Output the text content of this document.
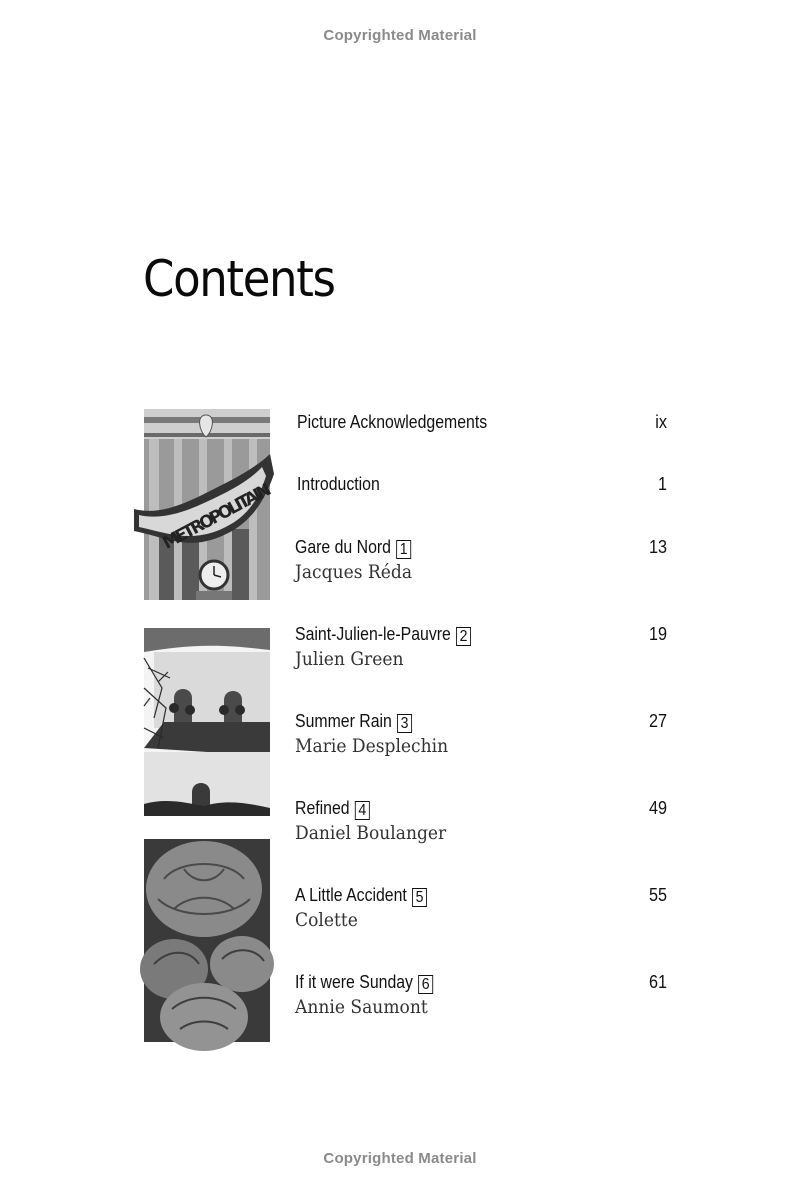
Copyrighted Material
Contents
METROPOLITAIN
Picture Acknowledgements	ix
Introduction	1
Gare du Nord 1
Jacques Réda
13
Saint-Julien-le-Pauvre 2
Julien Green
19
Summer Rain 3
Marie Desplechin
27
Refined 4
Daniel Boulanger
49
A Little Accident 5
Colette
55
If it were Sunday 6
Annie Saumont
61
Copyrighted Material
